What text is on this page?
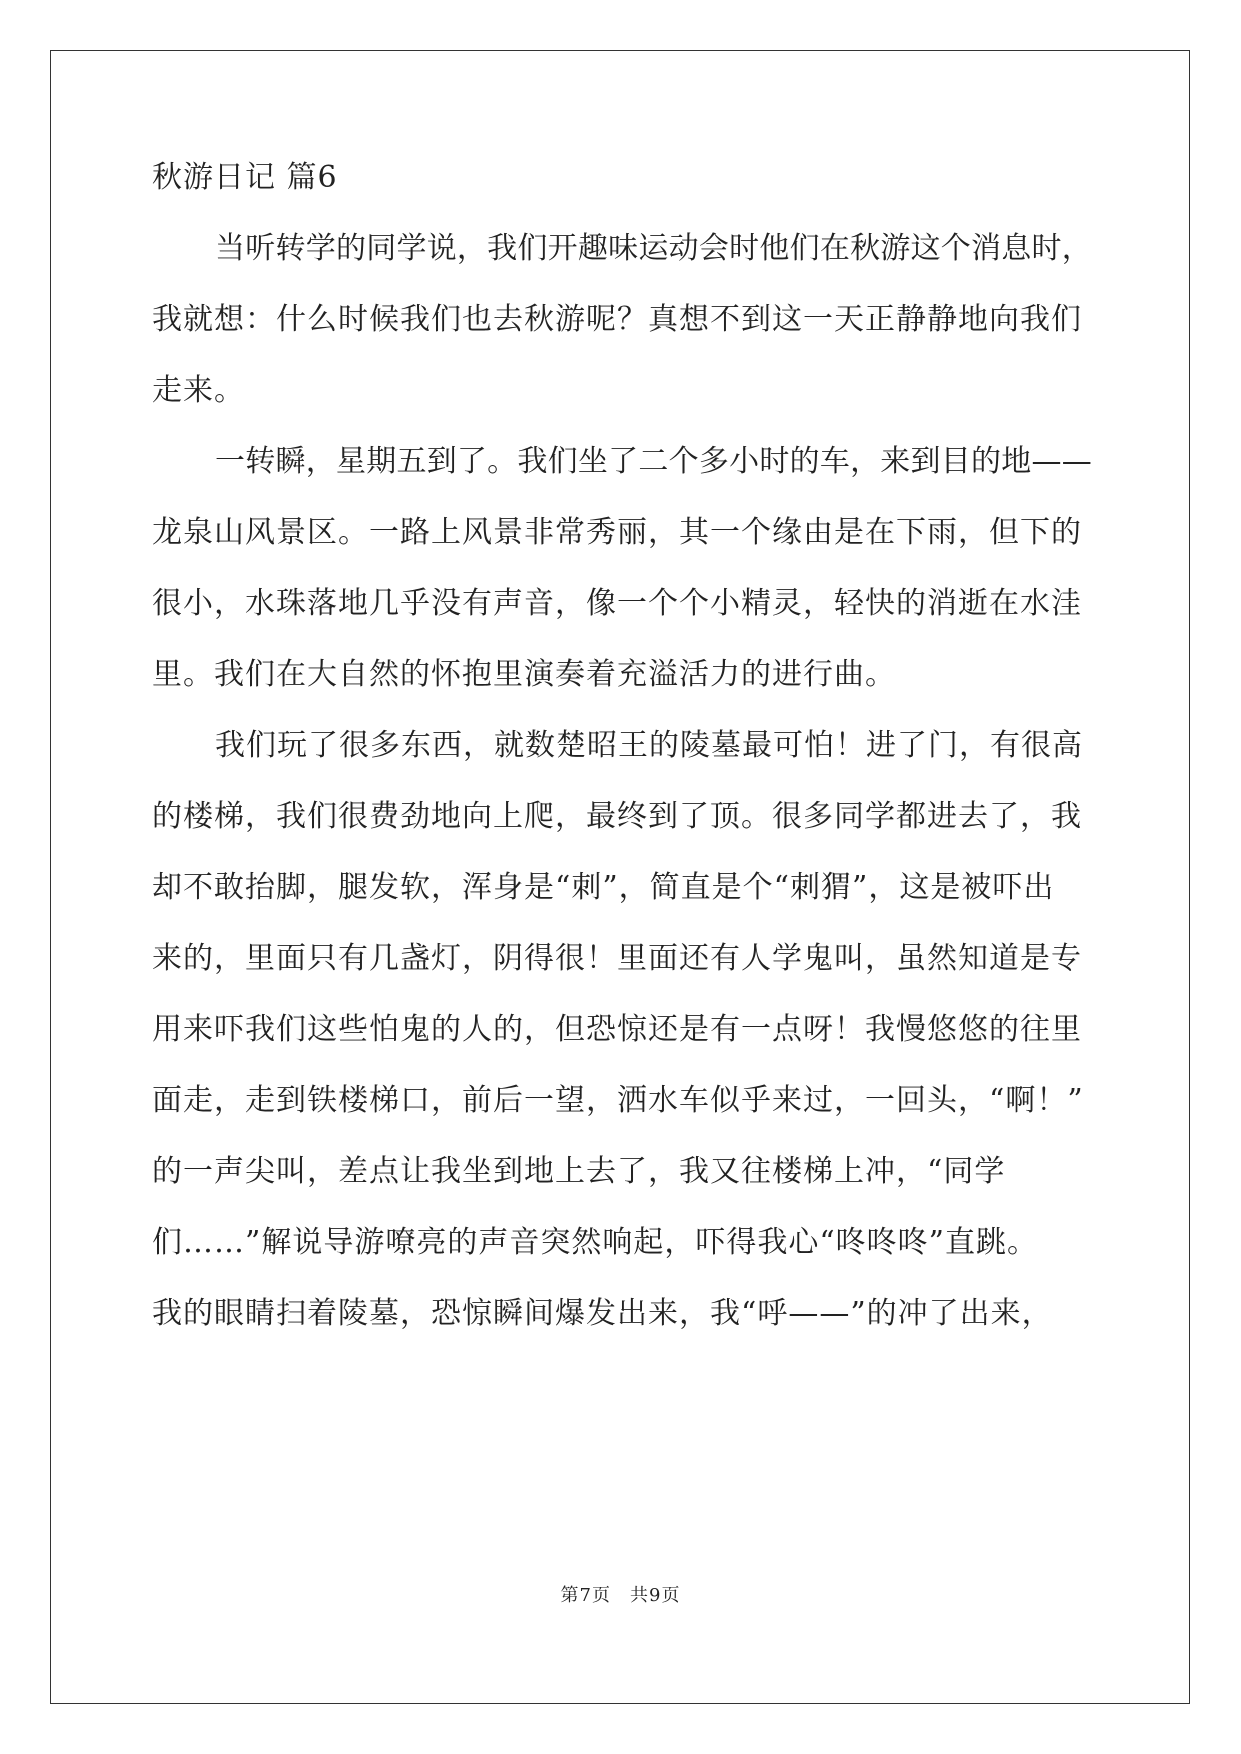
秋游日记 篇6
当听转学的同学说，我们开趣味运动会时他们在秋游这个消息时，
我就想：什么时候我们也去秋游呢？真想不到这一天正静静地向我们
走来。
一转瞬，星期五到了。我们坐了二个多小时的车，来到目的地——
龙泉山风景区。一路上风景非常秀丽，其一个缘由是在下雨，但下的
很小，水珠落地几乎没有声音，像一个个小精灵，轻快的消逝在水洼
里。我们在大自然的怀抱里演奏着充溢活力的进行曲。
我们玩了很多东西，就数楚昭王的陵墓最可怕！进了门，有很高
的楼梯，我们很费劲地向上爬，最终到了顶。很多同学都进去了，我
却不敢抬脚，腿发软，浑身是“刺”，简直是个“刺猬”，这是被吓出
来的，里面只有几盏灯，阴得很！里面还有人学鬼叫，虽然知道是专
用来吓我们这些怕鬼的人的，但恐惊还是有一点呀！我慢悠悠的往里
面走，走到铁楼梯口，前后一望，洒水车似乎来过，一回头，“啊！”
的一声尖叫，差点让我坐到地上去了，我又往楼梯上冲，“同学
们……”解说导游嘹亮的声音突然响起，吓得我心“咚咚咚”直跳。
我的眼睛扫着陵墓，恐惊瞬间爆发出来，我“呼——”的冲了出来，
第7页　共9页
